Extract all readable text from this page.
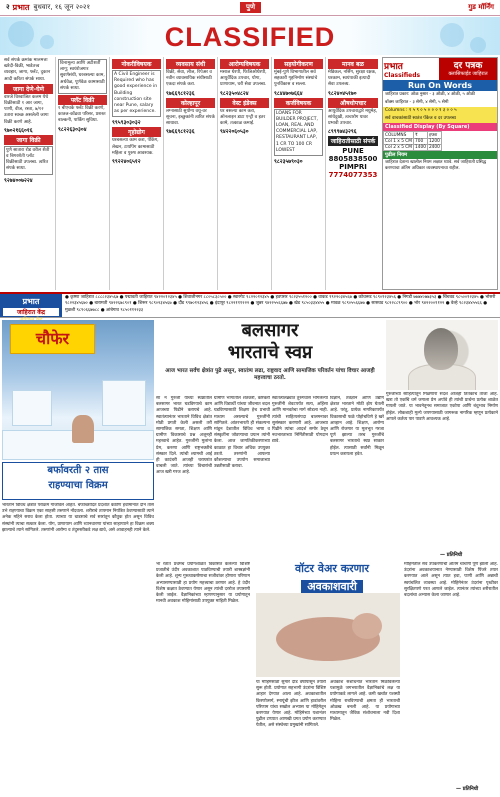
२ प्रभात बुधवार, १६ जून २०२१	पुणे	गुड मॉर्निंग
CLASSIFIED
सर्व संपर्क क्रमांक मालमत्ता खरेदी-विक्री, भाडेतत्त्व व्यवहार, जागा, फ्लॅट, दुकान आदी करिता संपर्क साधा.
जागा देणे-घेणे
वारजे विश्वाजित कलम येथे विक्रीसाठी १ आर जागा, पाणी, वीज, रस्ता, ७/१२ उतारा स्वच्छ असलेली जागा विक्री करणे आहे.
९७०२१६६०१६
जागा विक्री
पुणे सातारा रोड वरील शेती व बिगरशेती प्लॉट विक्रीसाठी उपलब्ध. त्वरित संपर्क साधा.
९२७४००७२२४
विनामूल्य आणि अटीशर्ती लागू; स्वयंरोजगार सुवर्णसंधी, घरबसल्या काम, अर्धवेळ, पूर्णवेळ कामासाठी संपर्क साधा.
फ्लॅट विक्री
१ बीएचके फ्लॅट विक्री करणे, कात्रज-कोंढवा परिसर, प्रशस्त बाल्कनी, पार्किंग सुविधा.
९८२२६३०३०४
नोकरीविषयक
A Civil Engineer is Required who has good experience in Building construction site near Pune, salary as per experience.
९९५९३०३०३२
गृहोद्योग
घरबसल्या काम करा, पॅकिंग, लेखन, टायपिंग कामासाठी महिला व पुरुष आवश्यक.
९९२२४०६५१२
व्यवसाय संधी
विक्री, सेवा, लीज, रिपेअर व नवीन व्यावसायिक संधीसाठी एकदा संपर्क करा.
९७६६९८१२३६
कोल्हापूर
लग्नासाठी सुयोग्य वधू-वर सूचना, इच्छुकांनी त्वरित संपर्क साधावा.
९७६६९८१२३६
आरोग्यविषयक
मसाज थेरपी, फिजिओथेरपी, आयुर्वेदिक उपचार, योगा, प्राणायाम, घरी सेवा उपलब्ध.
९८२३५०४८२४
वेस्ट इंडेक्स
घर बसल्या काम करा, ऑनलाइन डाटा एन्ट्री व इतर कामे, तत्काळ कमाई.
९४२२०६०५३०
सहयोगीकरण
मुंबई-पुणे विभागातील सर्व सहकारी गृहनिर्माण संस्थांचे पुनर्विकास व सल्ला.
९८४४७०७६६४
कर्जविषयक
LOANS FOR BUILDER PROJECT, LOAN, REAL AND COMMERCIAL LAP, RESTAURANT LAP, 1 CR TO 100 CR LOWEST
९८२३५७९०३०
मानव बळ
मेडिकल, नर्सिंग, सुरक्षा रक्षक, घरकाम, स्वयंपाकी इत्यादी सेवा उपलब्ध.
९८२४०४५१७०
औषधोपचार
आयुर्वेदिक उपचाराद्वारे मधुमेह, सांधेदुखी, त्वचारोग यावर प्रभावी उपचार.
८९९९७४३२९६
जाहिरातीसाठी संपर्क
PUNE
8805838500
PIMPRI
7774077353
प्रभात
Classifieds
दर पत्रक
क्लासिफाईड जाहिरात
Run On Words
जाहिरात प्रकार: ओळ नुसार - ३ ओळी, ४ ओळी, ५ ओळी
बॉक्स जाहिरात - ३ सेमी, ४ सेमी, ५ सेमी
Columns : १ ५ ९ ० ५ ० ० ० १ ३ ० ० ५
सर्व वाचकांसाठी स्वतंत्र पॅकेज व दर उपलब्ध
Classified Display (By Square)
COLUMNS	₹	हफ्ता
Col 1 x 5 CM	700	1200
Col 2 x 5 CM	1400	2400
पुढील नियम
जाहिरात देताना खालील नियम लक्षात घ्यावे. सर्व जाहिराती प्रसिद्ध करण्याचा अंतिम अधिकार व्यवस्थापनाचा राहील.
प्रभात
जाहिरात केंद्र
● कृष्णा जाहिरात ८८८८२३४५६७ ● पद्मावती जाहिरात ९४२२०१२३४५ ● शिवाजीनगर ८८०५८३८५०० ● स्वारगेट ९८२२०१२३४५ ● हडपसर ९८२३५५१२०० ● वाकड ९९२२०३४५६७ ● कोथरूड ९८९०१२३४५६ ● निगडी ७७७४०७७३५३ ● चिंचवड ९८५००१२३४५ ● भोसरी ९८२२३४५६७० ● बारामती ९४२२६७८९०१ ● शिरूर ९८९०२३४५६७ ● दौंड ९९७०१२३४५६ ● इंदापूर ९८२२१११२२२ ● जुन्नर ९४२२५५६६७७ ● खेड ९८५०३३४४५५ ● मावळ ९८९०५५६६७७ ● सासवड ९८२२८८९९०० ● भोर ९४२२००११२२ ● वेल्हे ९८२३४४५५६६ ● मुळशी ९८९०६६७७८८ ● आंबेगाव ९८५०११२२३३
चौफेर
बर्फावरती २ तास
राहण्याचा विक्रम
भारताने विविध क्षेत्रांत पराक्रम गाजविले आहेत. बर्फाच्छादित प्रदेशात कठीण हवामानात दोन तास उभे राहण्याचा विक्रम एका साहसी तरुणाने नोंदवला. शरीराचे तापमान नियंत्रित ठेवण्यासाठी त्याने अनेक महिने सराव केला होता. त्याच्या या धाडसाचे सर्व स्तरांतून कौतुक होत असून विविध संस्थांनी त्याचा सत्कार केला. योग, प्राणायाम आणि ध्यानधारणा यांच्या साहाय्याने हा विक्रम शक्य झाल्याचे त्याने सांगितले. तरुणांनी आरोग्य व तंदुरुस्तीकडे लक्ष द्यावे, असे आवाहनही त्याने केले.
बलसागर
भारताचे स्वप्न
आज भारत सर्वच क्षेत्रांत पुढे असून, स्वातंत्र्य लढा, राष्ट्रवाद आणि सामाजिक परिवर्तन यांचा विचार आजही महत्त्वाचा ठरतो.
सा ने गुरुजी यांच्या स्वप्नातील बलसागर भारत घडविण्याचे काम आजच्या पिढीने करायचे आहे. स्वातंत्र्यानंतर भारताने विविध क्षेत्रांत मोठी प्रगती केली असली तरी सामाजिक समता, शिक्षण आणि ग्रामीण विकासाचे प्रश्न अजूनही महत्त्वाचे आहेत. गुरुजींनी मुलांना प्रेम, करुणा आणि राष्ट्रभक्तीचे संस्कार दिले. त्यांची श्यामची आई ही कादंबरी आजही घराघरांत वाचली जाते. त्यांच्या विचारांची आज खरी गरज आहे.
ग्रामीण भागातील शेतकरी, कष्टकरी आणि विद्यार्थी यांच्या जीवनात बदल घडविण्यासाठी शिक्षण हेच प्रभावी माध्यम असल्याचे गुरुजींनी सांगितले. आंतरभारती ही संकल्पना मांडून देशातील विविध भाषा व संस्कृतींना जोडण्याचा प्रयत्न त्यांनी केला. आज जागतिकीकरणाच्या काळात हा विचार अधिक उपयुक्त ठरतो. तरुणांनी आपल्या कौशल्याचा उपयोग समाजाच्या उन्नतीसाठी करावा.
स्वातंत्र्यलढ्यात तुरुंगवास भोगलेल्या गुरुजींनी शेवटपर्यंत सत्य, अहिंसा आणि मानवतेचा मार्ग सोडला नाही. त्यांची साहित्यसंपदा बालमनावर सुसंस्कार करणारी आहे. आजच्या पिढीने त्यांचा आदर्श समोर ठेवून नवभारताच्या निर्मितीसाठी योगदान द्यावे.
विज्ञान, तंत्रज्ञान आणि उद्योग क्षेत्रात भारताने मोठी झेप घेतली आहे. परंतु, प्रत्येक नागरिकापर्यंत विकासाची फळे पोहोचविणे हे खरे आव्हान आहे. शिक्षण, आरोग्य आणि रोजगार या मूलभूत गरजा पूर्ण झाल्या तरच गुरुजींचे बलसागर भारताचे स्वप्न साकार होईल. त्यासाठी सर्वांनी मिळून प्रयत्न करायला हवेत.
गुरुजींच्या साहित्यातून मिळणारा संदेश आजही तितकाच ताजा आहे. खरा तो एकचि धर्म जगाला प्रेम अर्पावे ही त्यांची प्रार्थना प्रत्येक शाळेत गायली जाते. या भावनेतूनच समाजात एकोपा आणि बंधुभाव निर्माण होईल. लोकशाही मूल्ये जपण्यासाठी जागरूक नागरिक म्हणून प्रत्येकाने आपले कर्तव्य पार पाडणे आवश्यक आहे.
— प्रतिनिधी
वॉटर वेअर करणार
अवकाशवारी
भा रतात प्रथमच प्रयोगशाळेत विकसित केलेल्या विशिष्ट प्रजातीचे उंदीर अवकाशात पाठविण्याची तयारी शास्त्रज्ञांनी केली आहे. शून्य गुरुत्वाकर्षणाचा सजीवांवर होणारा परिणाम अभ्यासण्यासाठी हा प्रयोग महत्त्वाचा ठरणार आहे. हे उंदीर विशेष कक्षात ठेवण्यात येणार असून त्यांची दररोज तपासणी केली जाईल. वैज्ञानिकांच्या म्हणण्यानुसार या प्रयोगातून मानवी अवकाश मोहिमांसाठी उपयुक्त माहिती मिळेल.
या मोहिमेसाठी सुमारे दीड वर्षांपासून तयारी सुरू होती. प्रयोगात सहभागी उंदरांना विशिष्ट आहार देण्यात आला आहे. अवकाशातील किरणोत्सर्ग, स्नायूंची झीज आणि हाडांवरील परिणाम यांचा सखोल अभ्यास या मोहिमेतून करण्यात येणार आहे. मोहिमेच्या यशानंतर पुढील टप्प्यात आणखी प्रगत प्रयोग करण्यात येतील, असे संस्थेच्या प्रमुखांनी सांगितले.
अवकाश संशोधनात भारताने मिळविलेल्या यशामुळे जगभरातील वैज्ञानिकांचे लक्ष या प्रयोगाकडे लागले आहे. कमी खर्चात यशस्वी मोहिमा राबविण्याची क्षमता ही भारताची ओळख बनली आहे. या प्रयोगाच्या माध्यमातून जैविक संशोधनाला नवी दिशा मिळेल.
मोहिमेतील सर्व उपकरणांची अंतिम चाचणी पूर्ण झाली आहे. उंदरांना अवकाशयानात नेण्यासाठी विशेष पिंजरे तयार करण्यात आले असून त्यात हवा, पाणी आणि अन्नाची स्वयंचलित व्यवस्था आहे. मोहिमेनंतर उंदरांना पृथ्वीवर सुरक्षितपणे परत आणले जाईल. त्यानंतर त्यांच्या शरीरातील बदलांचा अभ्यास केला जाणार आहे.
— प्रतिनिधी
